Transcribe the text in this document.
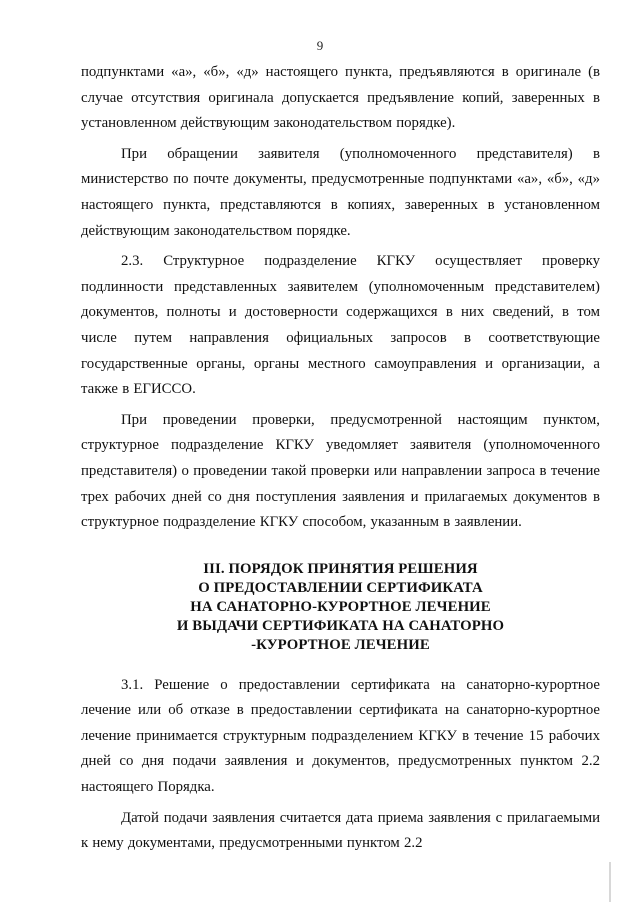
9

подпунктами «а», «б», «д» настоящего пункта, предъявляются в оригинале (в случае отсутствия оригинала допускается предъявление копий, заверенных в установленном действующим законодательством порядке).

При обращении заявителя (уполномоченного представителя) в министерство по почте документы, предусмотренные подпунктами «а», «б», «д» настоящего пункта, представляются в копиях, заверенных в установленном действующим законодательством порядке.

2.3. Структурное подразделение КГКУ осуществляет проверку подлинности представленных заявителем (уполномоченным представителем) документов, полноты и достоверности содержащихся в них сведений, в том числе путем направления официальных запросов в соответствующие государственные органы, органы местного самоуправления и организации, а также в ЕГИССО.

При проведении проверки, предусмотренной настоящим пунктом, структурное подразделение КГКУ уведомляет заявителя (уполномоченного представителя) о проведении такой проверки или направлении запроса в течение трех рабочих дней со дня поступления заявления и прилагаемых документов в структурное подразделение КГКУ способом, указанным в заявлении.

III. ПОРЯДОК ПРИНЯТИЯ РЕШЕНИЯ
О ПРЕДОСТАВЛЕНИИ СЕРТИФИКАТА
НА САНАТОРНО-КУРОРТНОЕ ЛЕЧЕНИЕ
И ВЫДАЧИ СЕРТИФИКАТА НА САНАТОРНО
-КУРОРТНОЕ ЛЕЧЕНИЕ

3.1. Решение о предоставлении сертификата на санаторно-курортное лечение или об отказе в предоставлении сертификата на санаторно-курортное лечение принимается структурным подразделением КГКУ в течение 15 рабочих дней со дня подачи заявления и документов, предусмотренных пунктом 2.2 настоящего Порядка.

Датой подачи заявления считается дата приема заявления с прилагаемыми к нему документами, предусмотренными пунктом 2.2
